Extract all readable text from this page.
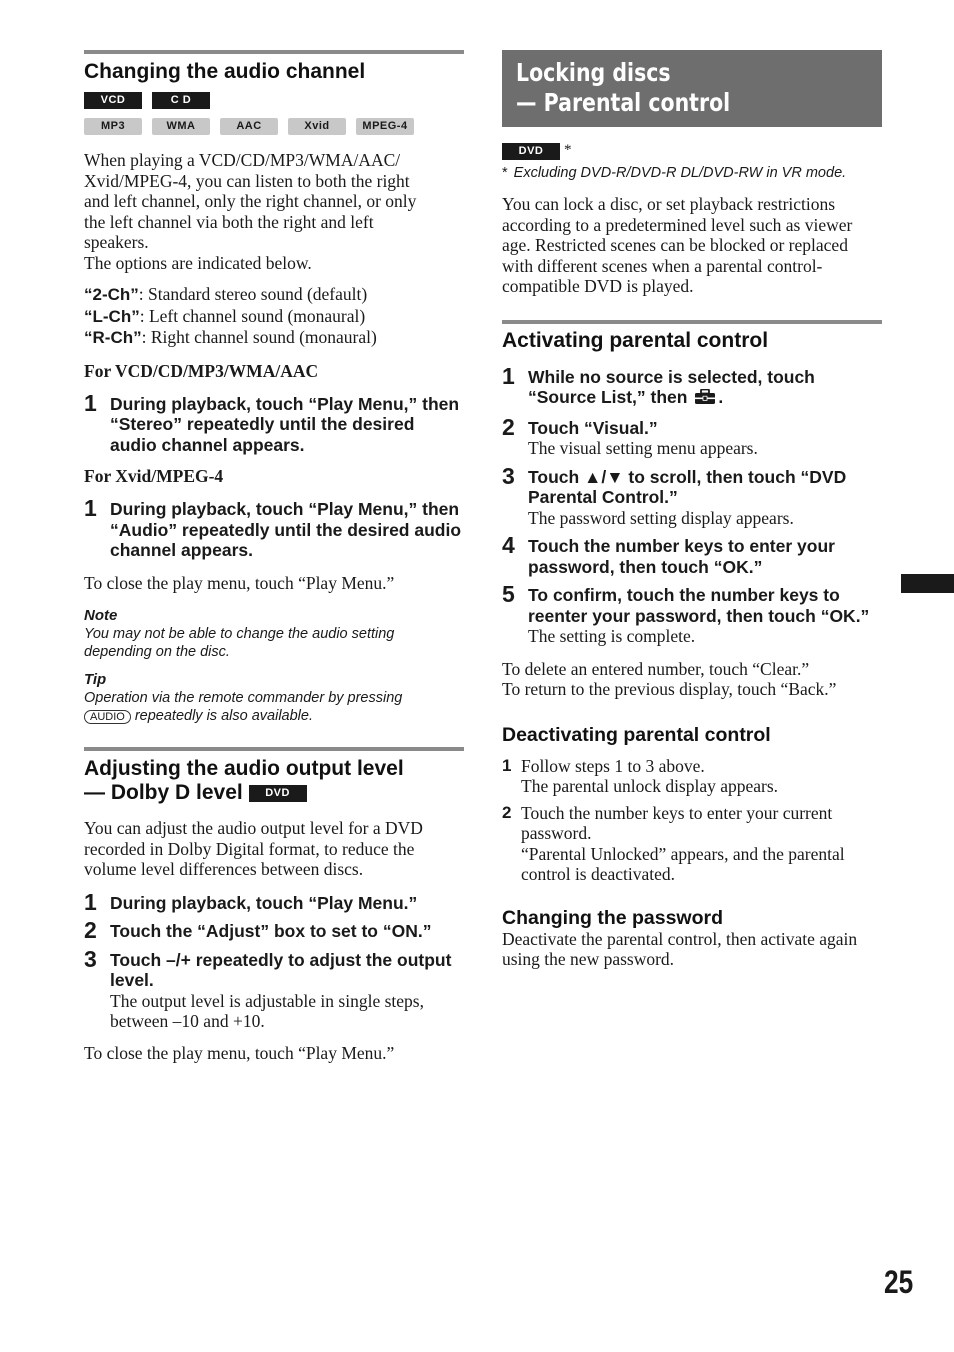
Changing the audio channel
VCD	C D
MP3	WMA	AAC	Xvid	MPEG-4
When playing a VCD/CD/MP3/WMA/AAC/
Xvid/MPEG-4, you can listen to both the right
and left channel, only the right channel, or only
the left channel via both the right and left
speakers.
The options are indicated below.
“2-Ch”: Standard stereo sound (default)
“L-Ch”: Left channel sound (monaural)
“R-Ch”: Right channel sound (monaural)

For VCD/CD/MP3/WMA/AAC

1 During playback, touch “Play Menu,” then “Stereo” repeatedly until the desired audio channel appears.

For Xvid/MPEG-4

1 During playback, touch “Play Menu,” then “Audio” repeatedly until the desired audio channel appears.

To close the play menu, touch “Play Menu.”

Note

You may not be able to change the audio setting

depending on the disc.

Tip

Operation via the remote commander by pressing

AUDIO repeatedly is also available.

Adjusting the audio output level
— Dolby D level DVD

You can adjust the audio output level for a DVD recorded in Dolby Digital format, to reduce the volume level differences between discs.

1 During playback, touch “Play Menu.”
2 Touch the “Adjust” box to set to “ON.”
3 Touch –/+ repeatedly to adjust the output level.
The output level is adjustable in single steps, between –10 and +10.

To close the play menu, touch “Play Menu.”

Locking discs
— Parental control
DVD	*

* Excluding DVD-R/DVD-R DL/DVD-RW in VR mode.

You can lock a disc, or set playback restrictions according to a predetermined level such as viewer age. Restricted scenes can be blocked or replaced with different scenes when a parental control-compatible DVD is played.

Activating parental control
1 While no source is selected, touch “Source List,” then .
2 Touch “Visual.”
The visual setting menu appears.
3 Touch ▲/▼ to scroll, then touch “DVD Parental Control.”
The password setting display appears.
4 Touch the number keys to enter your password, then touch “OK.”
5 To confirm, touch the number keys to reenter your password, then touch “OK.”
The setting is complete.

To delete an entered number, touch “Clear.”

To return to the previous display, touch “Back.”

Deactivating parental control
1 Follow steps 1 to 3 above.
The parental unlock display appears.
2 Touch the number keys to enter your current password.
“Parental Unlocked” appears, and the parental control is deactivated.
Changing the password

Deactivate the parental control, then activate again using the new password.

25
